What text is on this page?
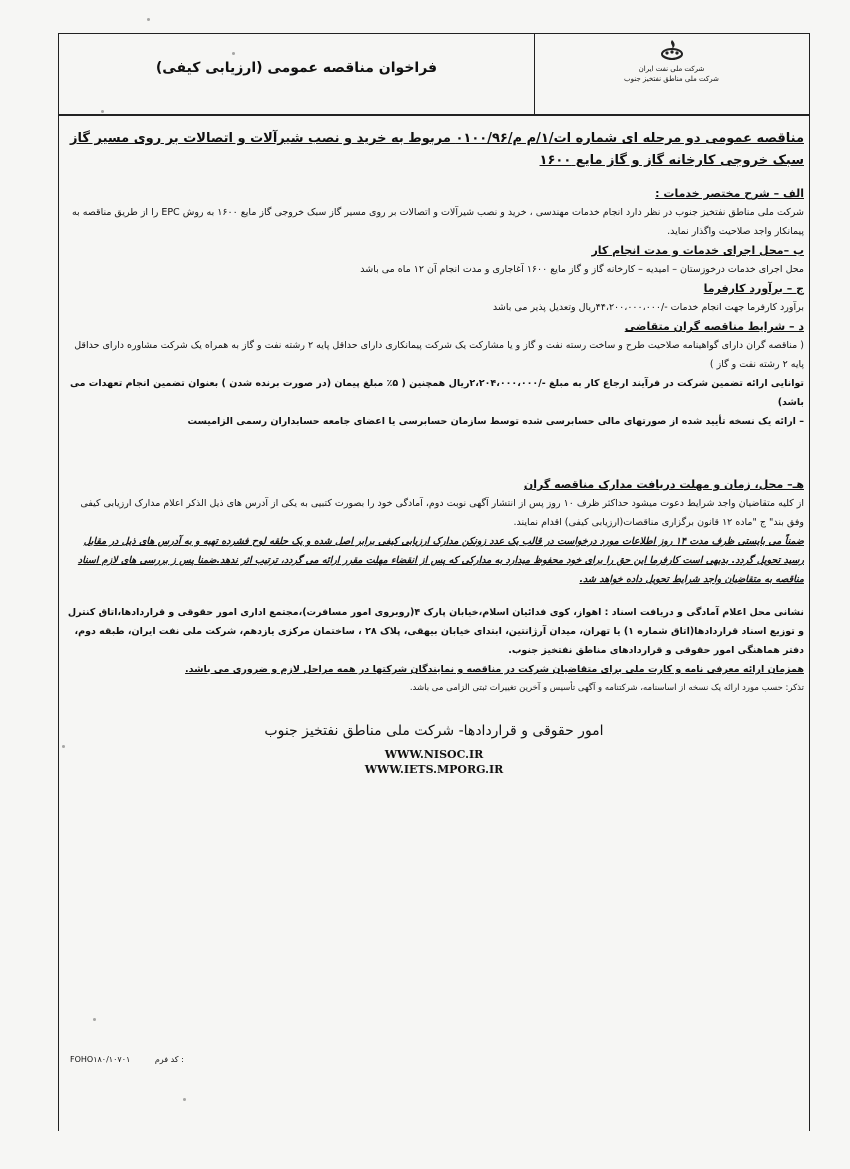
فراخوان مناقصه عمومی (ارزیابی کیفی)	شرکت ملی نفت ایران
شرکت ملی مناطق نفتخیز جنوب
مناقصه عمومی دو مرحله ای شماره ات/۱/م م/۰۱۰۰/۹۶ مربوط به خرید و نصب شیرآلات و اتصالات بر روی مسیر گاز سبک خروجی کارخانه گاز و گاز مایع ۱۶۰۰
الف – شرح مختصر خدمات :
شرکت ملی مناطق نفتخیز جنوب در نظر دارد انجام خدمات مهندسی ، خرید و نصب شیرآلات و اتصالات بر روی مسیر گاز سبک خروجی گاز مایع ۱۶۰۰ به روش EPC را از طریق مناقصه به پیمانکار واجد صلاحیت واگذار نماید.
ب –محل اجرای خدمات و مدت انجام کار
محل اجرای خدمات درخوزستان – امیدیه – کارخانه گاز و گاز مایع ۱۶۰۰ آغاجاری و مدت انجام آن ۱۲ ماه می باشد
ج – برآورد کارفرما
برآورد کارفرما جهت انجام خدمات -/۴۴،۲۰۰،۰۰۰،۰۰۰ریال وتعدیل پذیر می باشد
د – شرایط مناقصه گران متقاضی
( مناقصه گران دارای گواهینامه صلاحیت طرح و ساخت رسته نفت و گاز و یا مشارکت یک شرکت پیمانکاری دارای حداقل پایه ۲ رشته نفت و گاز به همراه یک شرکت مشاوره دارای حداقل پایه ۲ رشته نفت و گاز )
توانایی ارائه تضمین شرکت در فرآیند ارجاع کار به مبلغ -/۲،۲۰۴،۰۰۰،۰۰۰ریال همچنین ( ۵٪ مبلغ پیمان (در صورت برنده شدن ) بعنوان تضمین انجام تعهدات می باشد)
– ارائه یک نسخه تأیید شده از صورتهای مالی حسابرسی شده توسط سازمان حسابرسی یا اعضای جامعه حسابداران رسمی الزامیست
هـ– محل، زمان و مهلت دریافت مدارک مناقصه گران
از کلیه متقاضیان واجد شرایط دعوت میشود حداکثر ظرف ۱۰ روز پس از انتشار آگهی نوبت دوم، آمادگی خود را بصورت کتبیی به یکی از آدرس های ذیل الذکر اعلام مدارک ارزیابی کیفی وفق بند" ج "ماده ۱۲ قانون برگزاری مناقصات(ارزیابی کیفی) اقدام نمایند.
ضمناً می بایستی ظرف مدت ۱۴ روز اطلاعات مورد درخواست در قالب یک عدد زونکن مدارک ارزیابی کیفی برابر اصل شده و یک حلقه لوح فشرده تهیه و به آدرس های ذیل در مقابل رسید تحویل گردد. بدیهی است کارفرما این حق را برای خود محفوظ میدارد به مدارکی که پس از انقضاء مهلت مقرر ارائه می گردد، ترتیب اثر ندهد.ضمنا پس ز بررسی های لازم اسناد مناقصه به متقاضیان واجد شرایط تحویل داده خواهد شد.
نشانی محل اعلام آمادگی و دریافت اسناد : اهواز، کوی فدائیان اسلام،خیابان پارک ۴(روبروی امور مسافرت)،مجتمع اداری امور حقوقی و قراردادها،اتاق کنترل و توزیع اسناد قراردادها(اتاق شماره ۱) یا تهران، میدان آرژانتین، ابتدای خیابان بیهقی، پلاک ۲۸ ، ساختمان مرکزی یازدهم، شرکت ملی نفت ایران، طبقه دوم، دفتر هماهنگی امور حقوقی و قراردادهای مناطق نفتخیز جنوب.
همزمان ارائه معرفی نامه و کارت ملی برای متقاضیان شرکت در مناقصه و نمایندگان شرکتها در همه مراحل لازم و ضروری می باشد.
تذکر: حسب مورد ارائه یک نسخه از اساسنامه، شرکتنامه و آگهی تأسیس و آخرین تغییرات ثبتی الزامی می باشد.
امور حقوقی و قراردادها- شرکت ملی مناطق نفتخیز جنوب
WWW.NISOC.IR
WWW.IETS.MPORG.IR
FOHO۱۸۰/۱۰۷۰۱	کد فرم :
